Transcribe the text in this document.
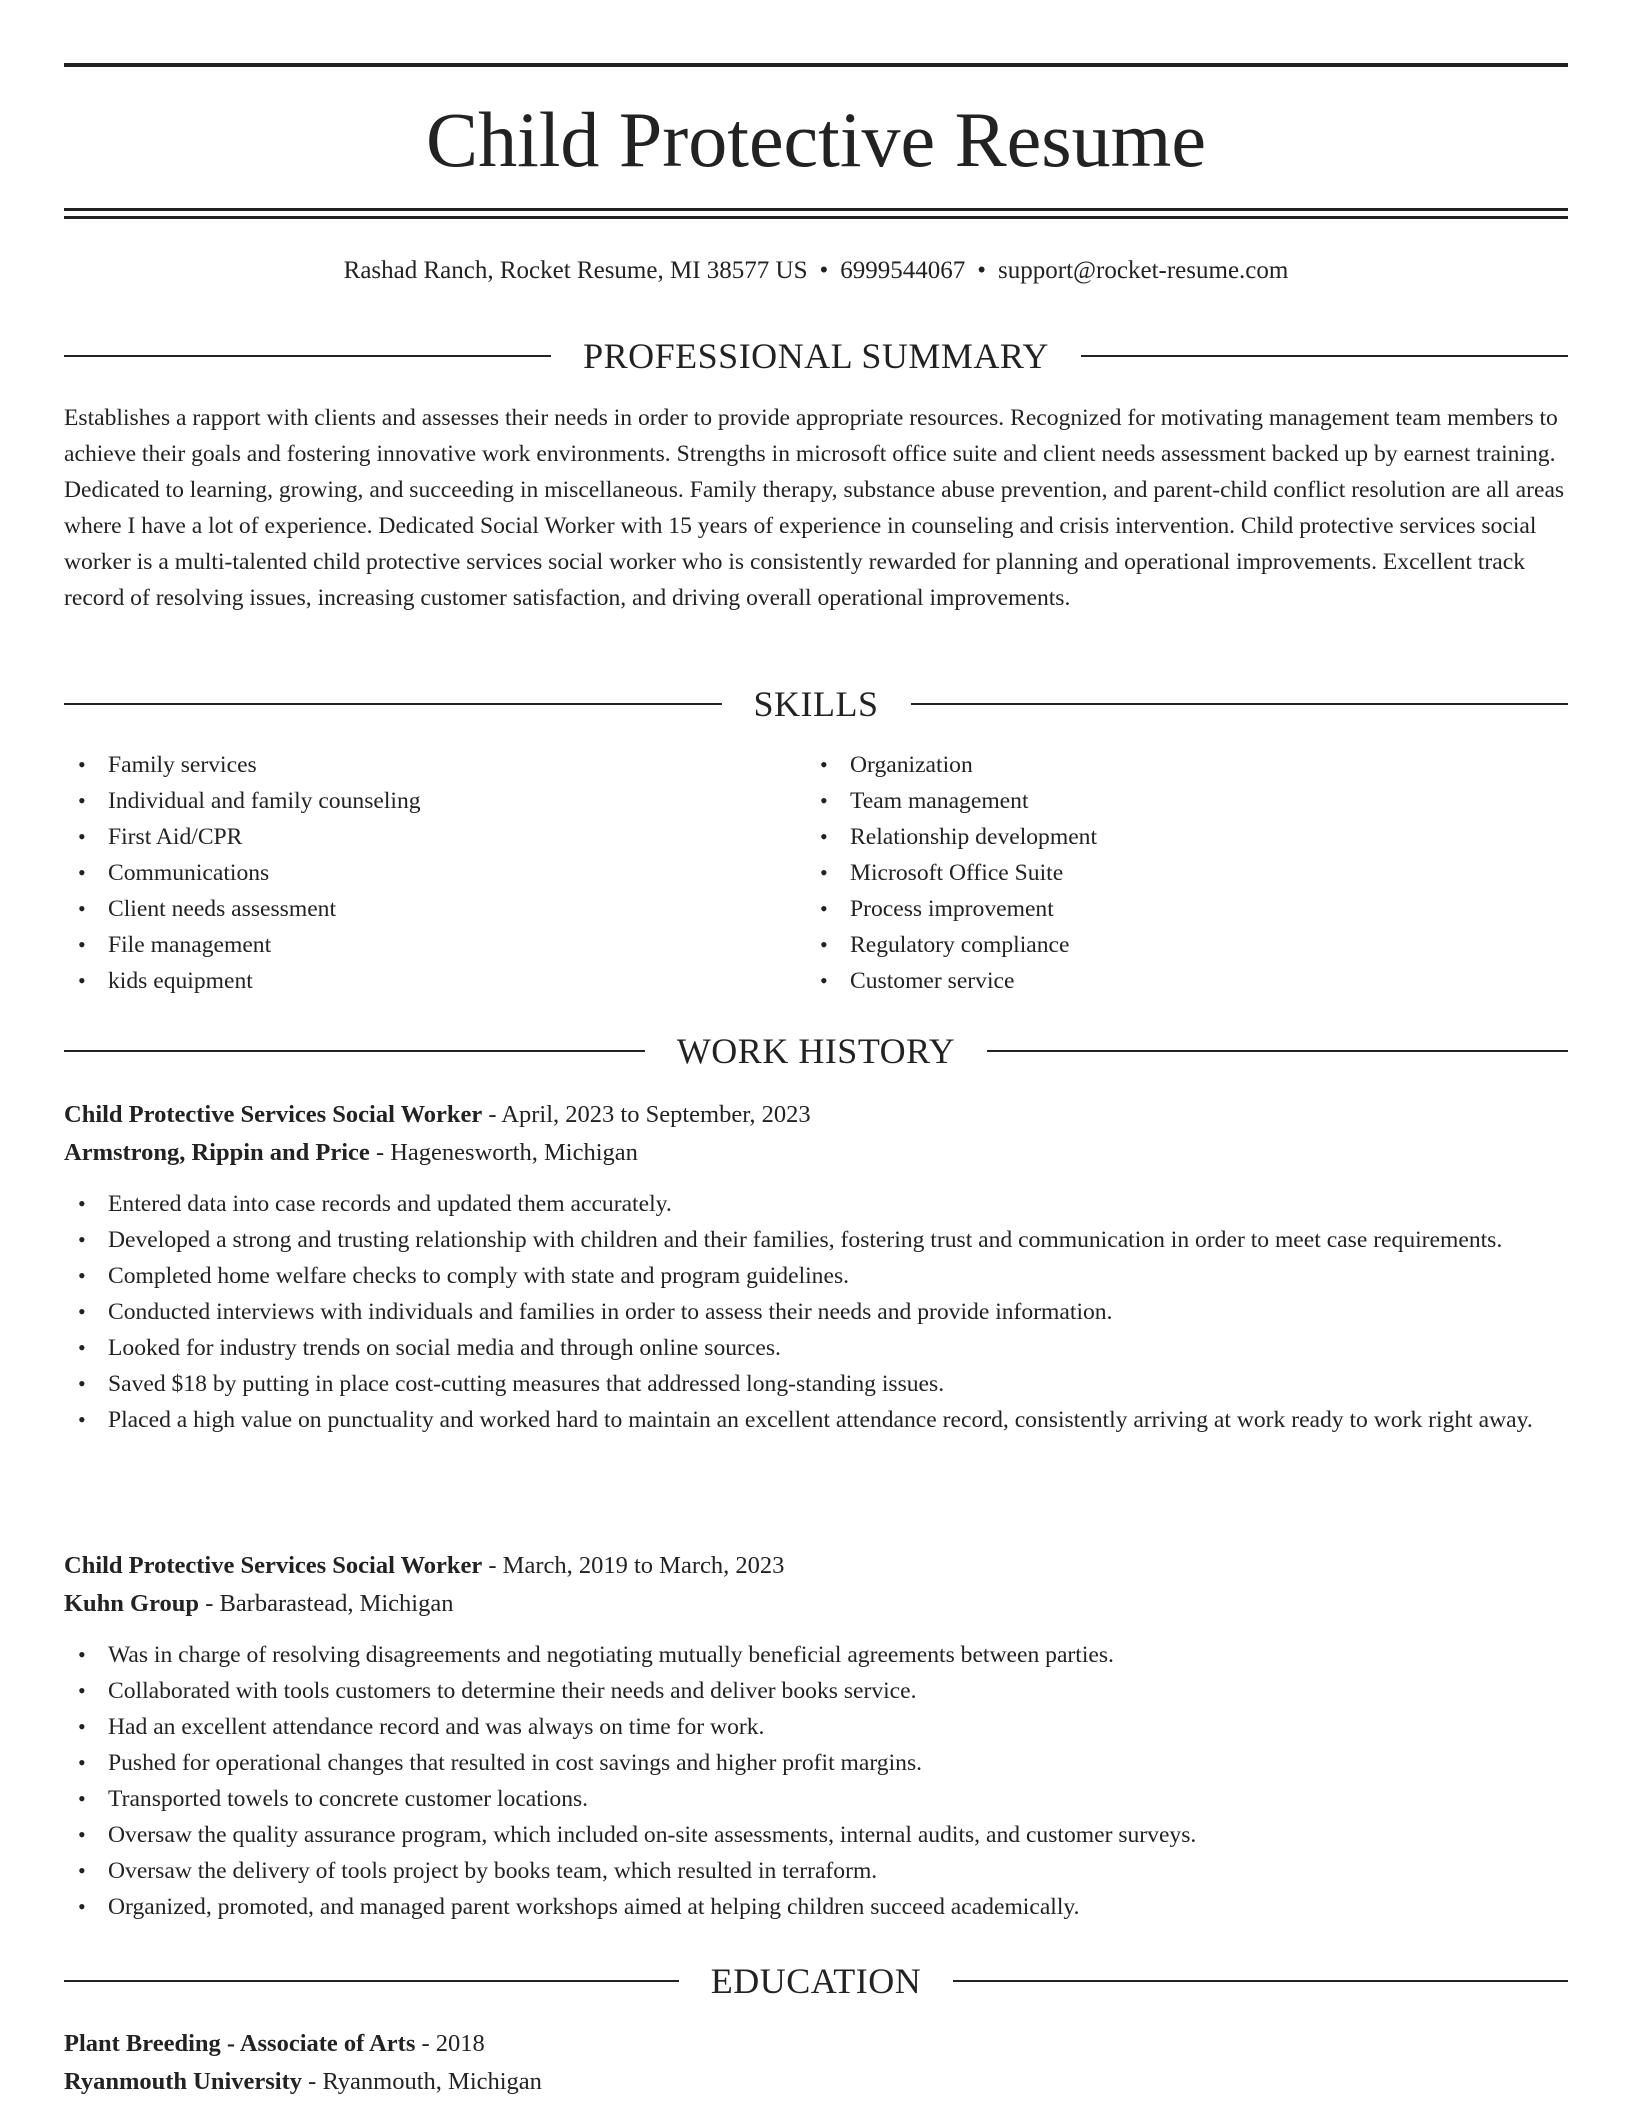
Child Protective Resume
Rashad Ranch, Rocket Resume, MI 38577 US • 6999544067 • support@rocket-resume.com
PROFESSIONAL SUMMARY
Establishes a rapport with clients and assesses their needs in order to provide appropriate resources. Recognized for motivating management team members to achieve their goals and fostering innovative work environments. Strengths in microsoft office suite and client needs assessment backed up by earnest training. Dedicated to learning, growing, and succeeding in miscellaneous. Family therapy, substance abuse prevention, and parent-child conflict resolution are all areas where I have a lot of experience. Dedicated Social Worker with 15 years of experience in counseling and crisis intervention. Child protective services social worker is a multi-talented child protective services social worker who is consistently rewarded for planning and operational improvements. Excellent track record of resolving issues, increasing customer satisfaction, and driving overall operational improvements.
SKILLS
• Family services
• Individual and family counseling
• First Aid/CPR
• Communications
• Client needs assessment
• File management
• kids equipment
• Organization
• Team management
• Relationship development
• Microsoft Office Suite
• Process improvement
• Regulatory compliance
• Customer service
WORK HISTORY
Child Protective Services Social Worker - April, 2023 to September, 2023
Armstrong, Rippin and Price - Hagenesworth, Michigan
• Entered data into case records and updated them accurately.
• Developed a strong and trusting relationship with children and their families, fostering trust and communication in order to meet case requirements.
• Completed home welfare checks to comply with state and program guidelines.
• Conducted interviews with individuals and families in order to assess their needs and provide information.
• Looked for industry trends on social media and through online sources.
• Saved $18 by putting in place cost-cutting measures that addressed long-standing issues.
• Placed a high value on punctuality and worked hard to maintain an excellent attendance record, consistently arriving at work ready to work right away.
Child Protective Services Social Worker - March, 2019 to March, 2023
Kuhn Group - Barbarastead, Michigan
• Was in charge of resolving disagreements and negotiating mutually beneficial agreements between parties.
• Collaborated with tools customers to determine their needs and deliver books service.
• Had an excellent attendance record and was always on time for work.
• Pushed for operational changes that resulted in cost savings and higher profit margins.
• Transported towels to concrete customer locations.
• Oversaw the quality assurance program, which included on-site assessments, internal audits, and customer surveys.
• Oversaw the delivery of tools project by books team, which resulted in terraform.
• Organized, promoted, and managed parent workshops aimed at helping children succeed academically.
EDUCATION
Plant Breeding - Associate of Arts - 2018
Ryanmouth University - Ryanmouth, Michigan
